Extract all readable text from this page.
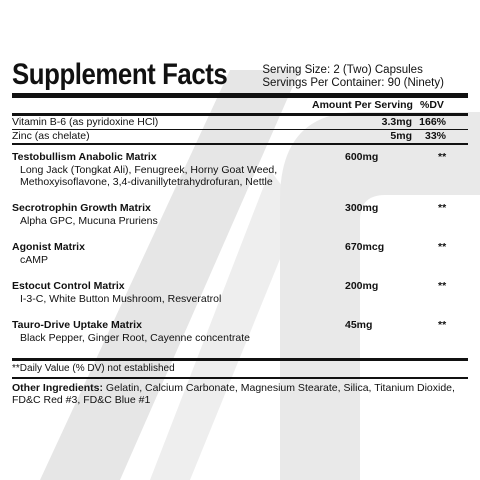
Supplement Facts	Serving Size: 2 (Two) Capsules
Servings Per Container: 90 (Ninety)
Amount Per Serving %DV
Vitamin B-6 (as pyridoxine HCl)	3.3mg 166%
Zinc (as chelate)	5mg 33%
Testobullism Anabolic Matrix	600mg	**
Long Jack (Tongkat Ali), Fenugreek, Horny Goat Weed, Methoxyisoflavone, 3,4-divanillytetrahydrofuran, Nettle
Secrotrophin Growth Matrix	300mg	**
Alpha GPC, Mucuna Pruriens
Agonist Matrix	670mcg	**
cAMP
Estocut Control Matrix	200mg	**
I-3-C, White Button Mushroom, Resveratrol
Tauro-Drive Uptake Matrix	45mg	**
Black Pepper, Ginger Root, Cayenne concentrate
**Daily Value (% DV) not established
Other Ingredients: Gelatin, Calcium Carbonate, Magnesium Stearate, Silica, Titanium Dioxide, FD&C Red #3, FD&C Blue #1
